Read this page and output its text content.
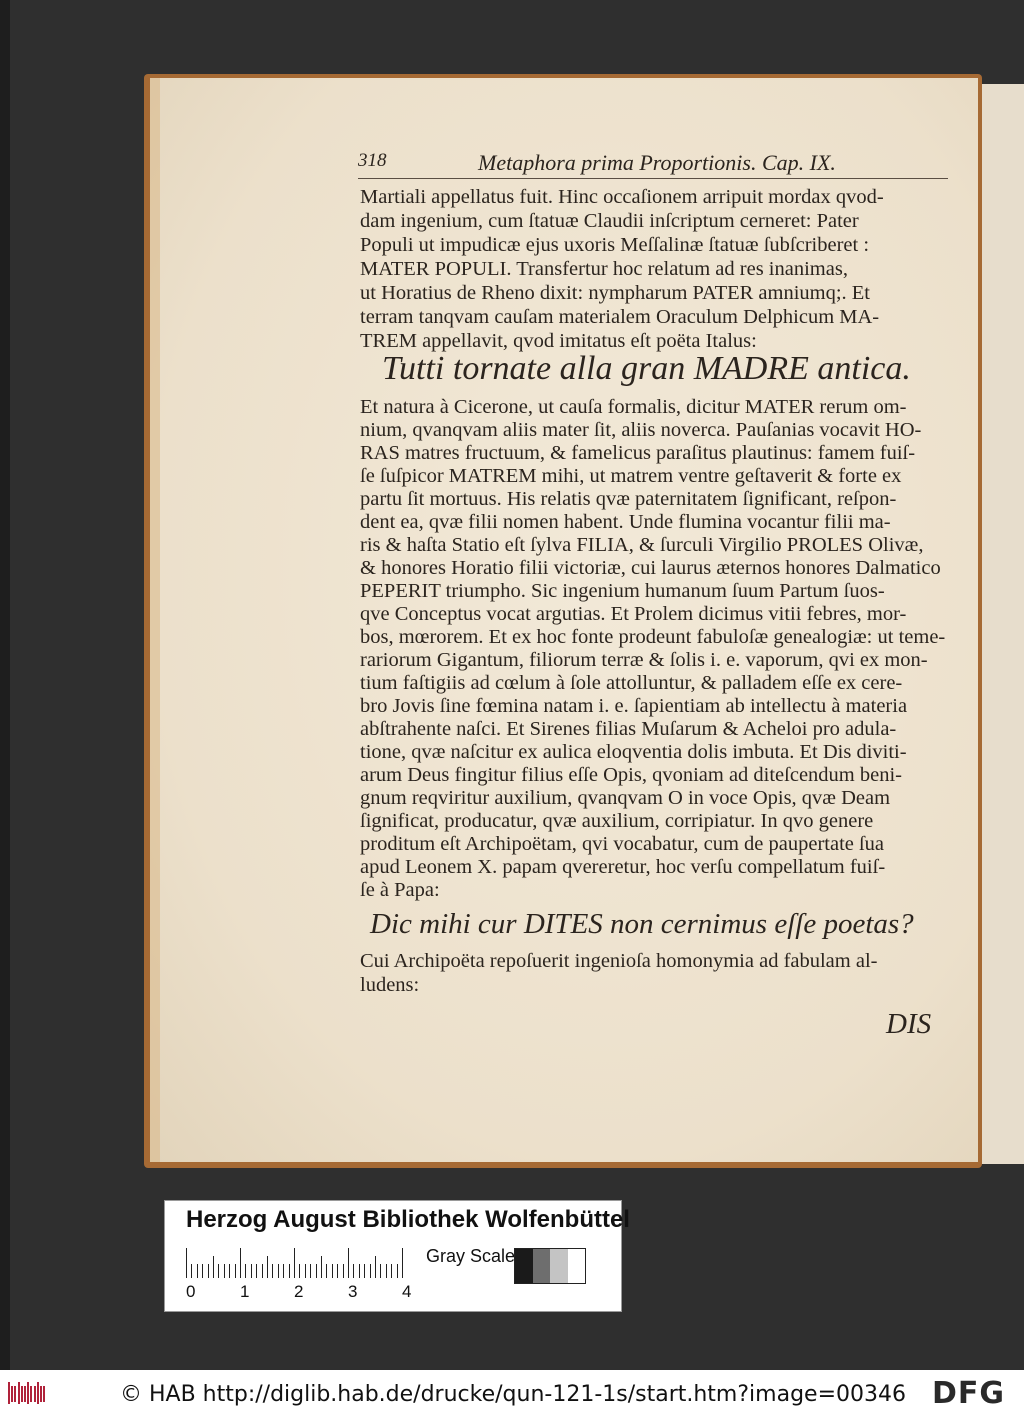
318	Metaphora prima Proportionis. Cap. IX.
Martiali appellatus fuit. Hinc occaſionem arripuit mordax qvod-
dam ingenium, cum ſtatuæ Claudii inſcriptum cerneret: Pater
Populi ut impudicæ ejus uxoris Meſſalinæ ſtatuæ ſubſcriberet :
MATER POPULI. Transfertur hoc relatum ad res inanimas,
ut Horatius de Rheno dixit: nympharum PATER amniumq;. Et
terram tanqvam cauſam materialem Oraculum Delphicum MA-
TREM appellavit, qvod imitatus eſt poëta Italus:
Tutti tornate alla gran MADRE antica.
Et natura à Cicerone, ut cauſa formalis, dicitur MATER rerum om-
nium, qvanqvam aliis mater ſit, aliis noverca. Pauſanias vocavit HO-
RAS matres fructuum, & famelicus paraſitus plautinus: famem fuiſ-
ſe ſuſpicor MATREM mihi, ut matrem ventre geſtaverit & forte ex
partu ſit mortuus. His relatis qvæ paternitatem ſignificant, reſpon-
dent ea, qvæ filii nomen habent. Unde flumina vocantur filii ma-
ris & haſta Statio eſt ſylva FILIA, & ſurculi Virgilio PROLES Olivæ,
& honores Horatio filii victoriæ, cui laurus æternos honores Dalmatico
PEPERIT triumpho. Sic ingenium humanum ſuum Partum ſuos-
qve Conceptus vocat argutias. Et Prolem dicimus vitii febres, mor-
bos, mœrorem. Et ex hoc fonte prodeunt fabuloſæ genealogiæ: ut teme-
rariorum Gigantum, filiorum terræ & ſolis i. e. vaporum, qvi ex mon-
tium faſtigiis ad cœlum à ſole attolluntur, & palladem eſſe ex cere-
bro Jovis ſine fœmina natam i. e. ſapientiam ab intellectu à materia
abſtrahente naſci. Et Sirenes filias Muſarum & Acheloi pro adula-
tione, qvæ naſcitur ex aulica eloqventia dolis imbuta. Et Dis diviti-
arum Deus fingitur filius eſſe Opis, qvoniam ad diteſcendum beni-
gnum reqviritur auxilium, qvanqvam O in voce Opis, qvæ Deam
ſignificat, producatur, qvæ auxilium, corripiatur. In qvo genere
proditum eſt Archipoëtam, qvi vocabatur, cum de paupertate ſua
apud Leonem X. papam qvereretur, hoc verſu compellatum fuiſ-
ſe à Papa:
Dic mihi cur DITES non cernimus eſſe poetas?
Cui Archipoëta repoſuerit ingenioſa homonymia ad fabulam al-
ludens:
DIS
Herzog August Bibliothek Wolfenbüttel
0	1	2	3	4
Gray Scale
© HAB http://diglib.hab.de/drucke/qun-121-1s/start.htm?image=00346 DFG
